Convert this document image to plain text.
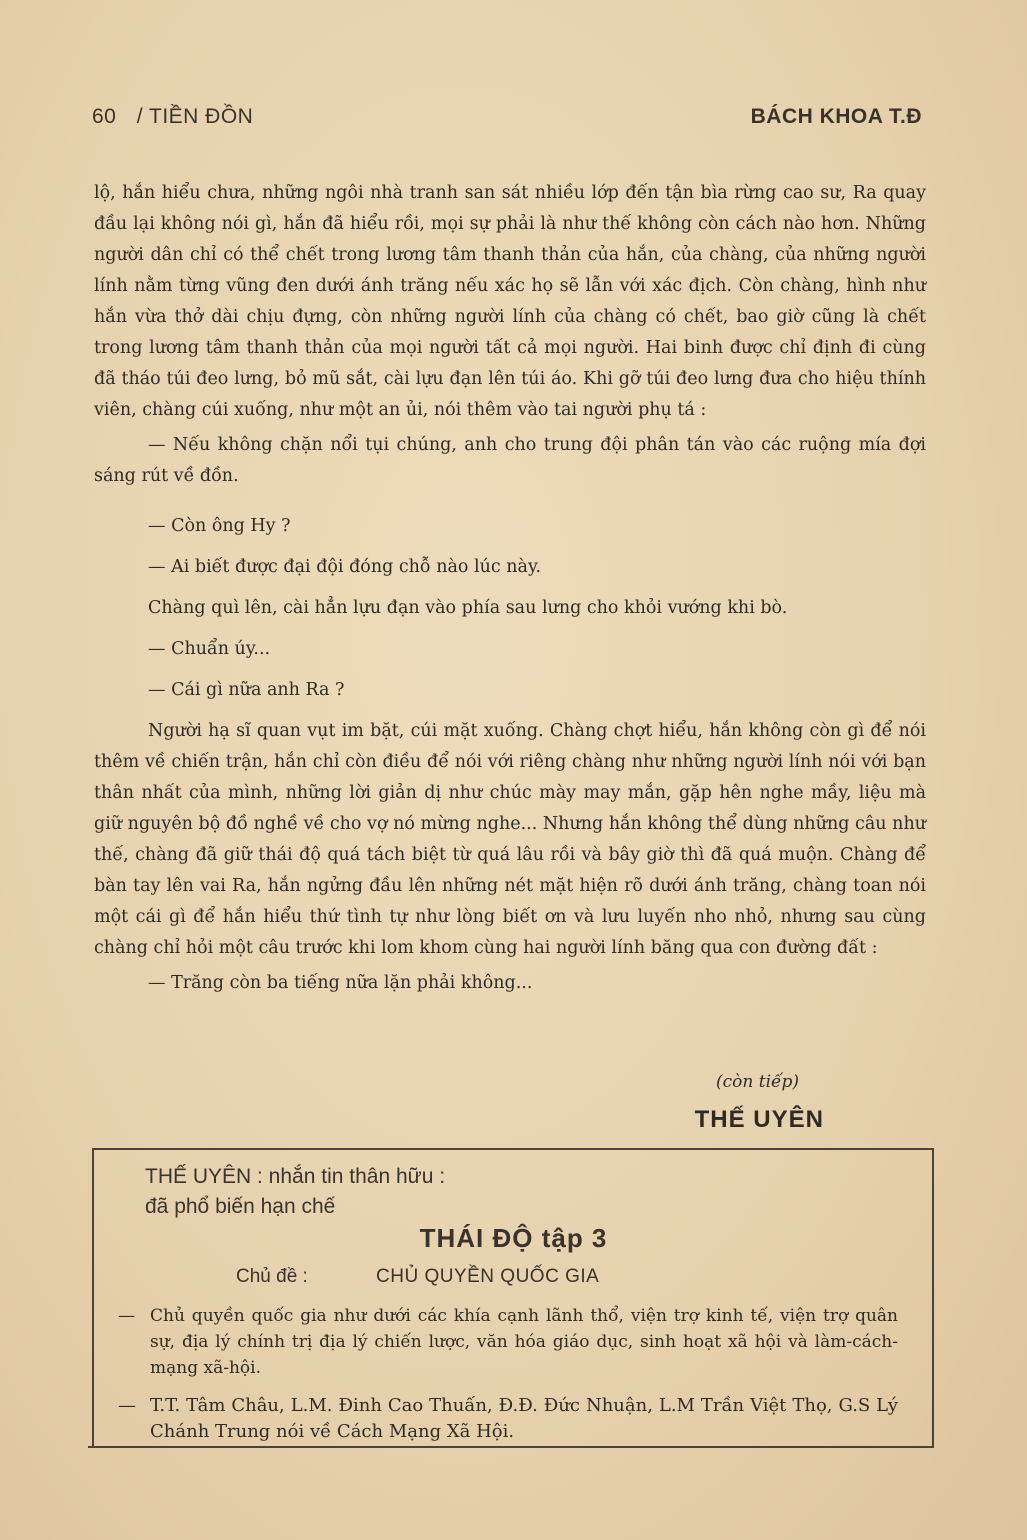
60 / TIỀN ĐỒN	BÁCH KHOA T.Đ

lộ, hắn hiểu chưa, những ngôi nhà tranh san sát nhiều lớp đến tận bìa rừng cao sư, Ra quay đầu lại không nói gì, hắn đã hiểu rồi, mọi sự phải là như thế không còn cách nào hơn. Những người dân chỉ có thể chết trong lương tâm thanh thản của hắn, của chàng, của những người lính nằm từng vũng đen dưới ánh trăng nếu xác họ sẽ lẫn với xác địch. Còn chàng, hình như hắn vừa thở dài chịu đựng, còn những người lính của chàng có chết, bao giờ cũng là chết trong lương tâm thanh thản của mọi người tất cả mọi người. Hai binh được chỉ định đi cùng đã tháo túi đeo lưng, bỏ mũ sắt, cài lựu đạn lên túi áo. Khi gỡ túi đeo lưng đưa cho hiệu thính viên, chàng cúi xuống, như một an ủi, nói thêm vào tai người phụ tá :

— Nếu không chặn nổi tụi chúng, anh cho trung đội phân tán vào các ruộng mía đợi sáng rút về đồn.

— Còn ông Hy ?

— Ai biết được đại đội đóng chỗ nào lúc này.

Chàng quì lên, cài hẳn lựu đạn vào phía sau lưng cho khỏi vướng khi bò.

— Chuẩn úy...

— Cái gì nữa anh Ra ?

Người hạ sĩ quan vụt im bặt, cúi mặt xuống. Chàng chợt hiểu, hắn không còn gì để nói thêm về chiến trận, hắn chỉ còn điều để nói với riêng chàng như những người lính nói với bạn thân nhất của mình, những lời giản dị như chúc mày may mắn, gặp hên nghe mầy, liệu mà giữ nguyên bộ đồ nghề về cho vợ nó mừng nghe... Nhưng hắn không thể dùng những câu như thế, chàng đã giữ thái độ quá tách biệt từ quá lâu rồi và bây giờ thì đã quá muộn. Chàng để bàn tay lên vai Ra, hắn ngửng đầu lên những nét mặt hiện rõ dưới ánh trăng, chàng toan nói một cái gì để hắn hiểu thứ tình tự như lòng biết ơn và lưu luyến nho nhỏ, nhưng sau cùng chàng chỉ hỏi một câu trước khi lom khom cùng hai người lính băng qua con đường đất :

— Trăng còn ba tiếng nữa lặn phải không...

(còn tiếp)
THẾ UYÊN
THẾ UYÊN : nhắn tin thân hữu :
đã phổ biến hạn chế
THÁI ĐỘ tập 3
Chủ đề :	CHỦ QUYỀN QUỐC GIA
— Chủ quyền quốc gia như dưới các khía cạnh lãnh thổ, viện trợ kinh tế, viện trợ quân sự, địa lý chính trị địa lý chiến lược, văn hóa giáo dục, sinh hoạt xã hội và làm-cách-mạng xã-hội.
— T.T. Tâm Châu, L.M. Đinh Cao Thuấn, Đ.Đ. Đức Nhuận, L.M Trần Việt Thọ, G.S Lý Chánh Trung nói về Cách Mạng Xã Hội.
